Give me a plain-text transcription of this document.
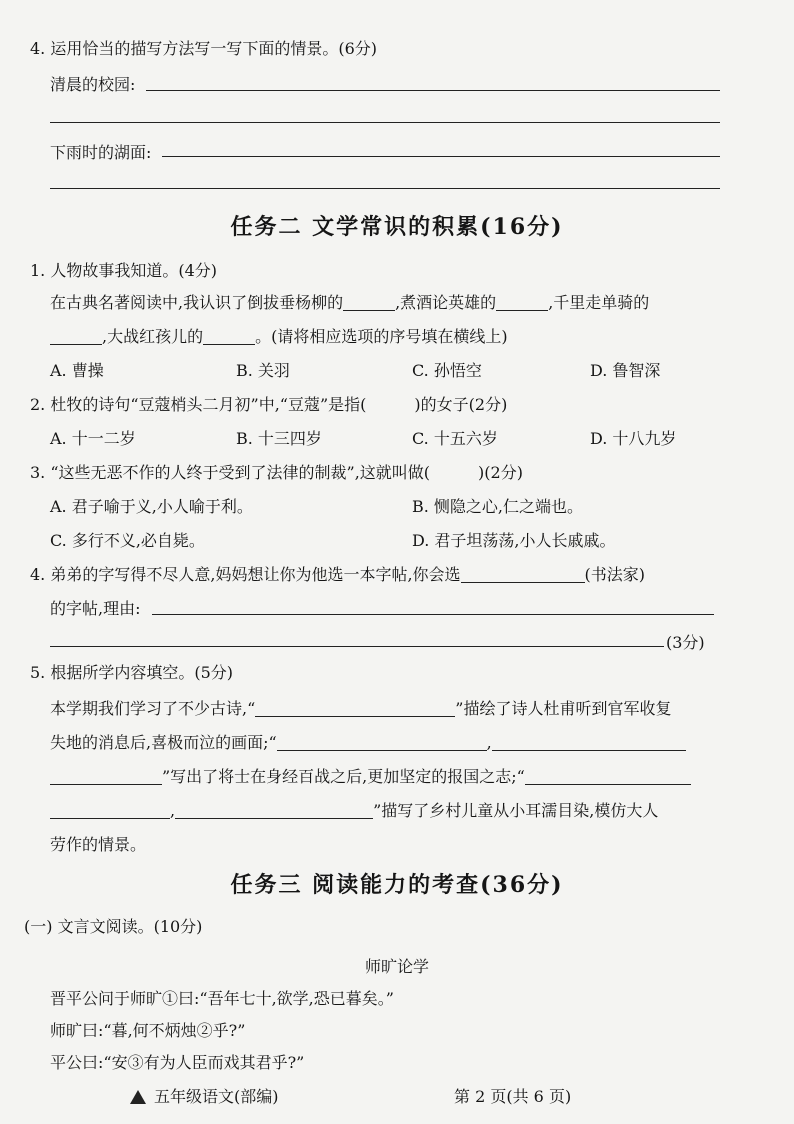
4. 运用恰当的描写方法写一写下面的情景。(6分)
清晨的校园:
下雨时的湖面:
任务二 文学常识的积累(16分)
1. 人物故事我知道。(4分)
在古典名著阅读中,我认识了倒拔垂杨柳的	,煮酒论英雄的	,千里走单骑的
,大战红孩儿的	。(请将相应选项的序号填在横线上)
A. 曹操	B. 关羽	C. 孙悟空	D. 鲁智深
2. 杜牧的诗句“豆蔻梢头二月初”中,“豆蔻”是指(	)的女子(2分)
A. 十一二岁	B. 十三四岁	C. 十五六岁	D. 十八九岁
3. “这些无恶不作的人终于受到了法律的制裁”,这就叫做(	)(2分)
A. 君子喻于义,小人喻于利。	B. 恻隐之心,仁之端也。
C. 多行不义,必自毙。	D. 君子坦荡荡,小人长戚戚。
4. 弟弟的字写得不尽人意,妈妈想让你为他选一本字帖,你会选	(书法家)
的字帖,理由:
(3分)
5. 根据所学内容填空。(5分)
本学期我们学习了不少古诗,“	”描绘了诗人杜甫听到官军收复
失地的消息后,喜极而泣的画面;“	,
”写出了将士在身经百战之后,更加坚定的报国之志;“
,	”描写了乡村儿童从小耳濡目染,模仿大人
劳作的情景。
任务三 阅读能力的考查(36分)
(一) 文言文阅读。(10分)
师旷论学
晋平公问于师旷①曰:“吾年七十,欲学,恐已暮矣。”
师旷曰:“暮,何不炳烛②乎?”
平公曰:“安③有为人臣而戏其君乎?”
五年级语文(部编)	第 2 页(共 6 页)
